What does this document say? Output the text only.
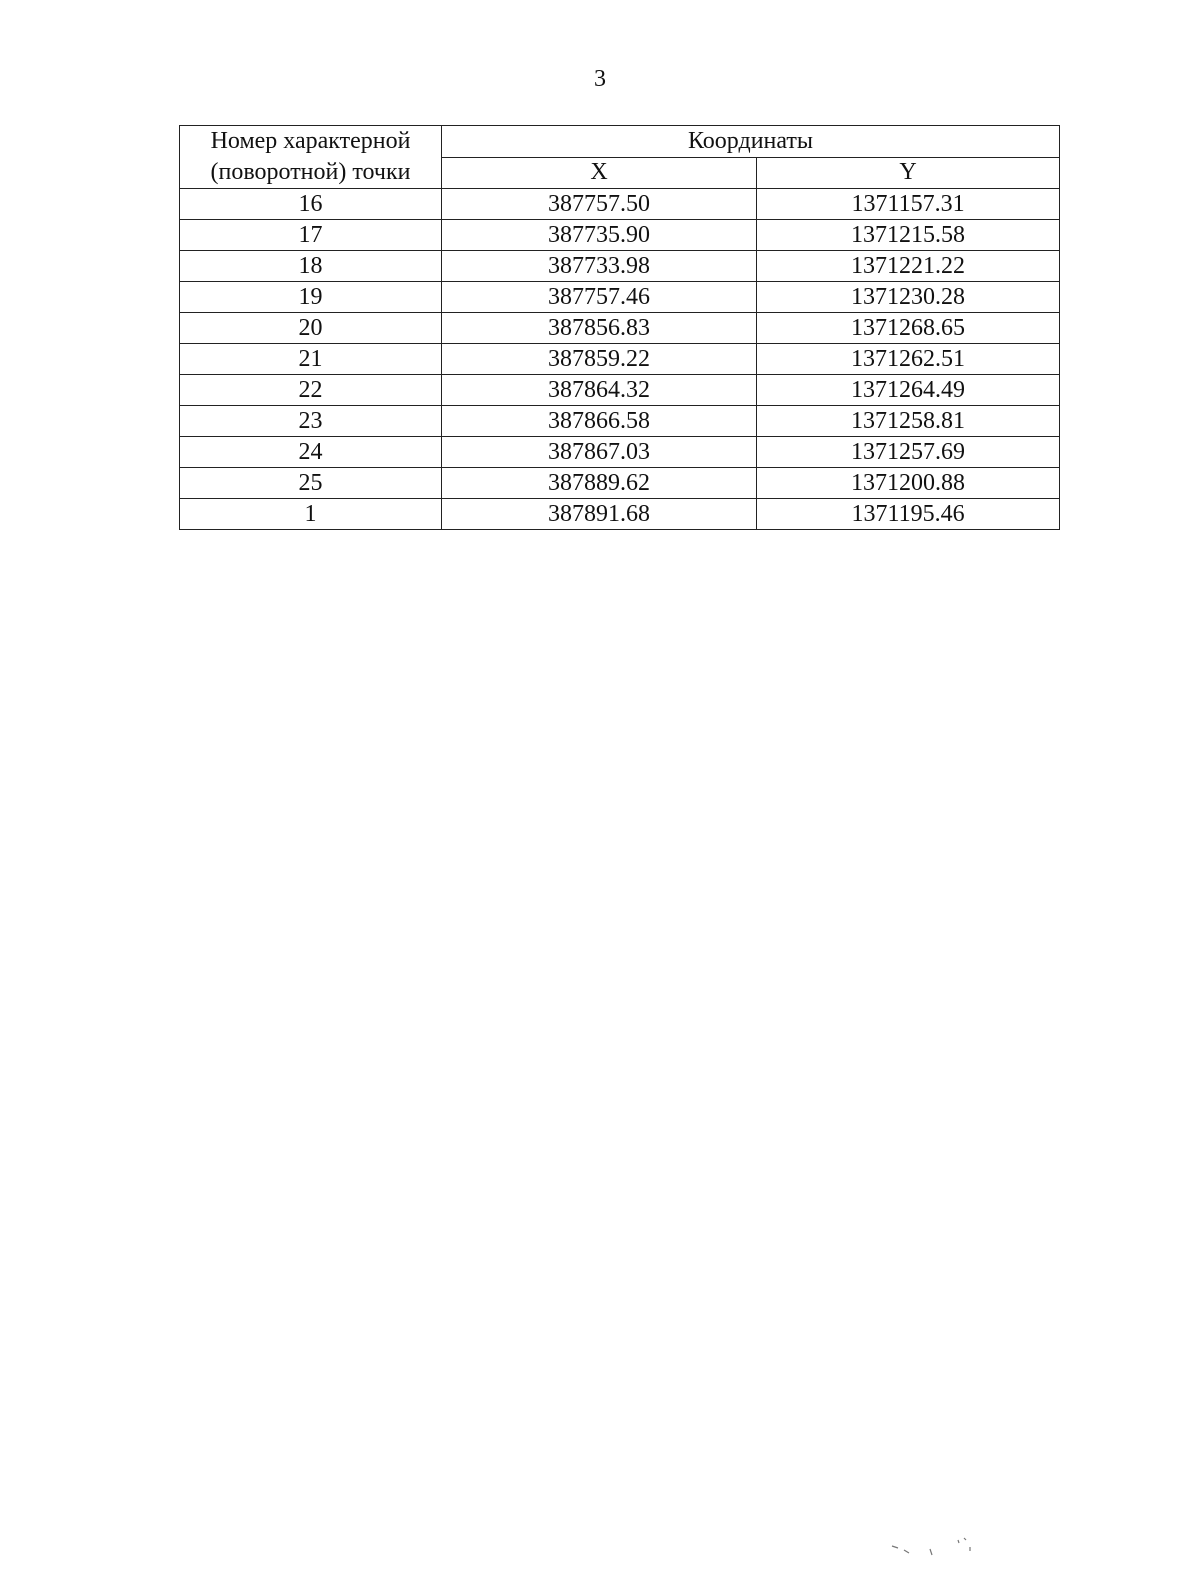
3
Номер характерной
(поворотной) точки	Координаты	
	X	Y
16	387757.50	1371157.31
17	387735.90	1371215.58
18	387733.98	1371221.22
19	387757.46	1371230.28
20	387856.83	1371268.65
21	387859.22	1371262.51
22	387864.32	1371264.49
23	387866.58	1371258.81
24	387867.03	1371257.69
25	387889.62	1371200.88
1	387891.68	1371195.46
